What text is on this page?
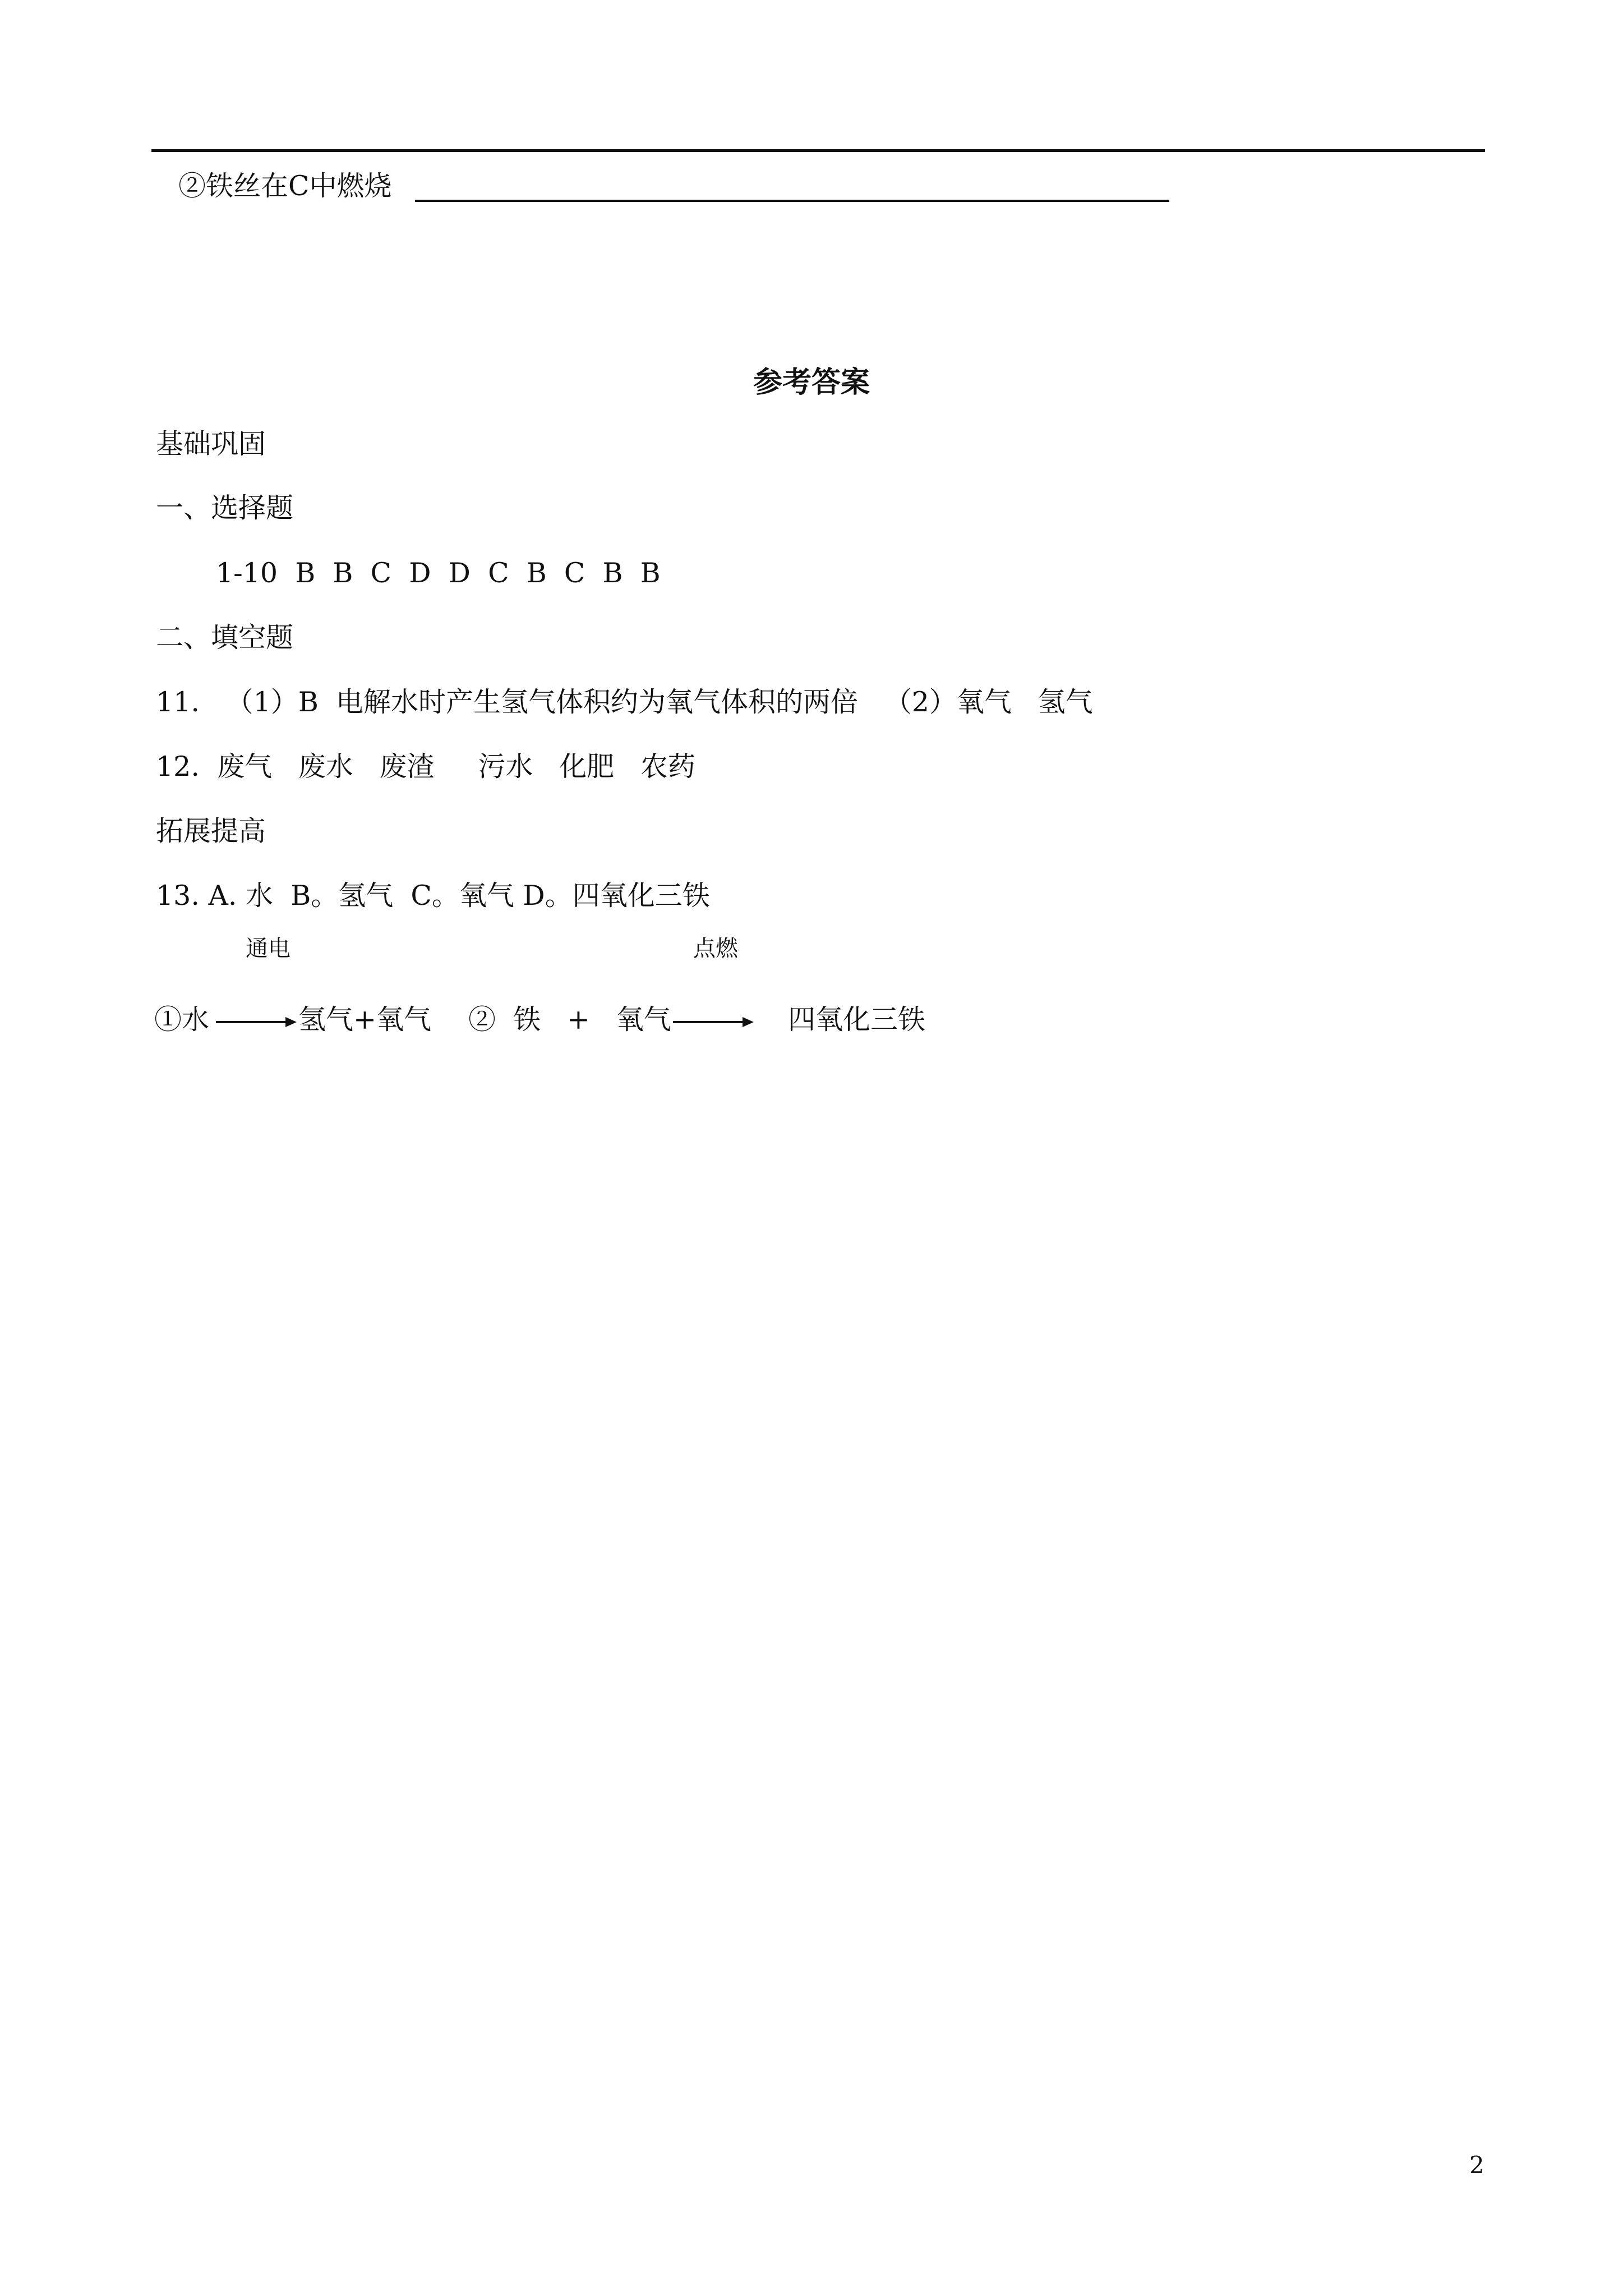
②铁丝在C中燃烧
参考答案
基础巩固
一、选择题
1-10  B  B  C  D  D  C  B  C  B  B
二、填空题
11.   （1）B  电解水时产生氢气体积约为氧气体积的两倍   （2）氧气   氢气
12.  废气   废水   废渣     污水   化肥   农药
拓展提高
13. A. 水  B。氢气  C。氧气 D。四氧化三铁
通电	点燃
①水	氢气+氧气 ②  铁   +   氧气	四氧化三铁
2
